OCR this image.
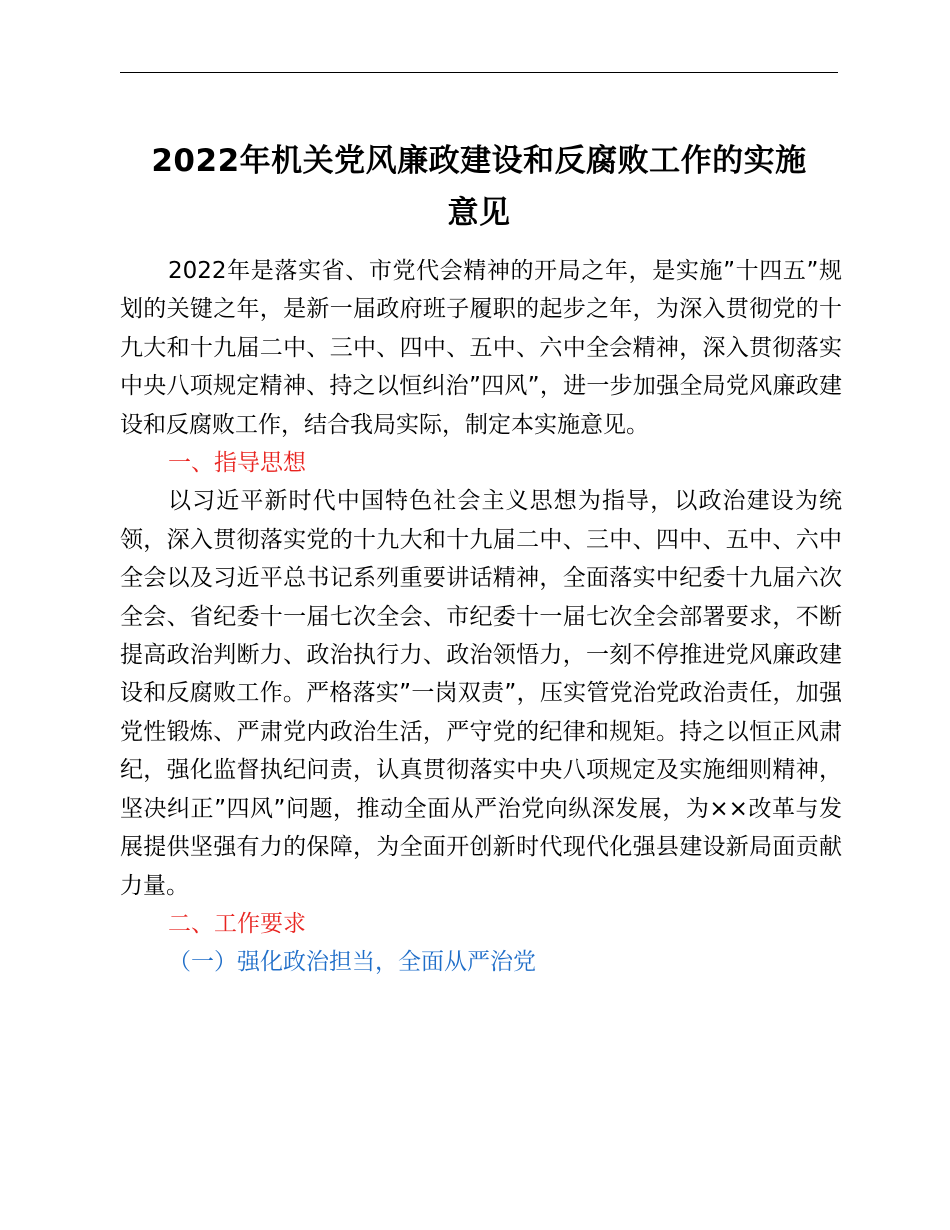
2022年机关党风廉政建设和反腐败工作的实施
意见

2022年是落实省、市党代会精神的开局之年，是实施”十四五”规划的关键之年，是新一届政府班子履职的起步之年，为深入贯彻党的十九大和十九届二中、三中、四中、五中、六中全会精神，深入贯彻落实中央八项规定精神、持之以恒纠治”四风”，进一步加强全局党风廉政建设和反腐败工作，结合我局实际，制定本实施意见。

一、指导思想

以习近平新时代中国特色社会主义思想为指导，以政治建设为统领，深入贯彻落实党的十九大和十九届二中、三中、四中、五中、六中全会以及习近平总书记系列重要讲话精神，全面落实中纪委十九届六次全会、省纪委十一届七次全会、市纪委十一届七次全会部署要求，不断提高政治判断力、政治执行力、政治领悟力，一刻不停推进党风廉政建设和反腐败工作。严格落实”一岗双责”，压实管党治党政治责任，加强党性锻炼、严肃党内政治生活，严守党的纪律和规矩。持之以恒正风肃纪，强化监督执纪问责，认真贯彻落实中央八项规定及实施细则精神，坚决纠正”四风”问题，推动全面从严治党向纵深发展，为××改革与发展提供坚强有力的保障，为全面开创新时代现代化强县建设新局面贡献力量。

二、工作要求

（一）强化政治担当，全面从严治党
